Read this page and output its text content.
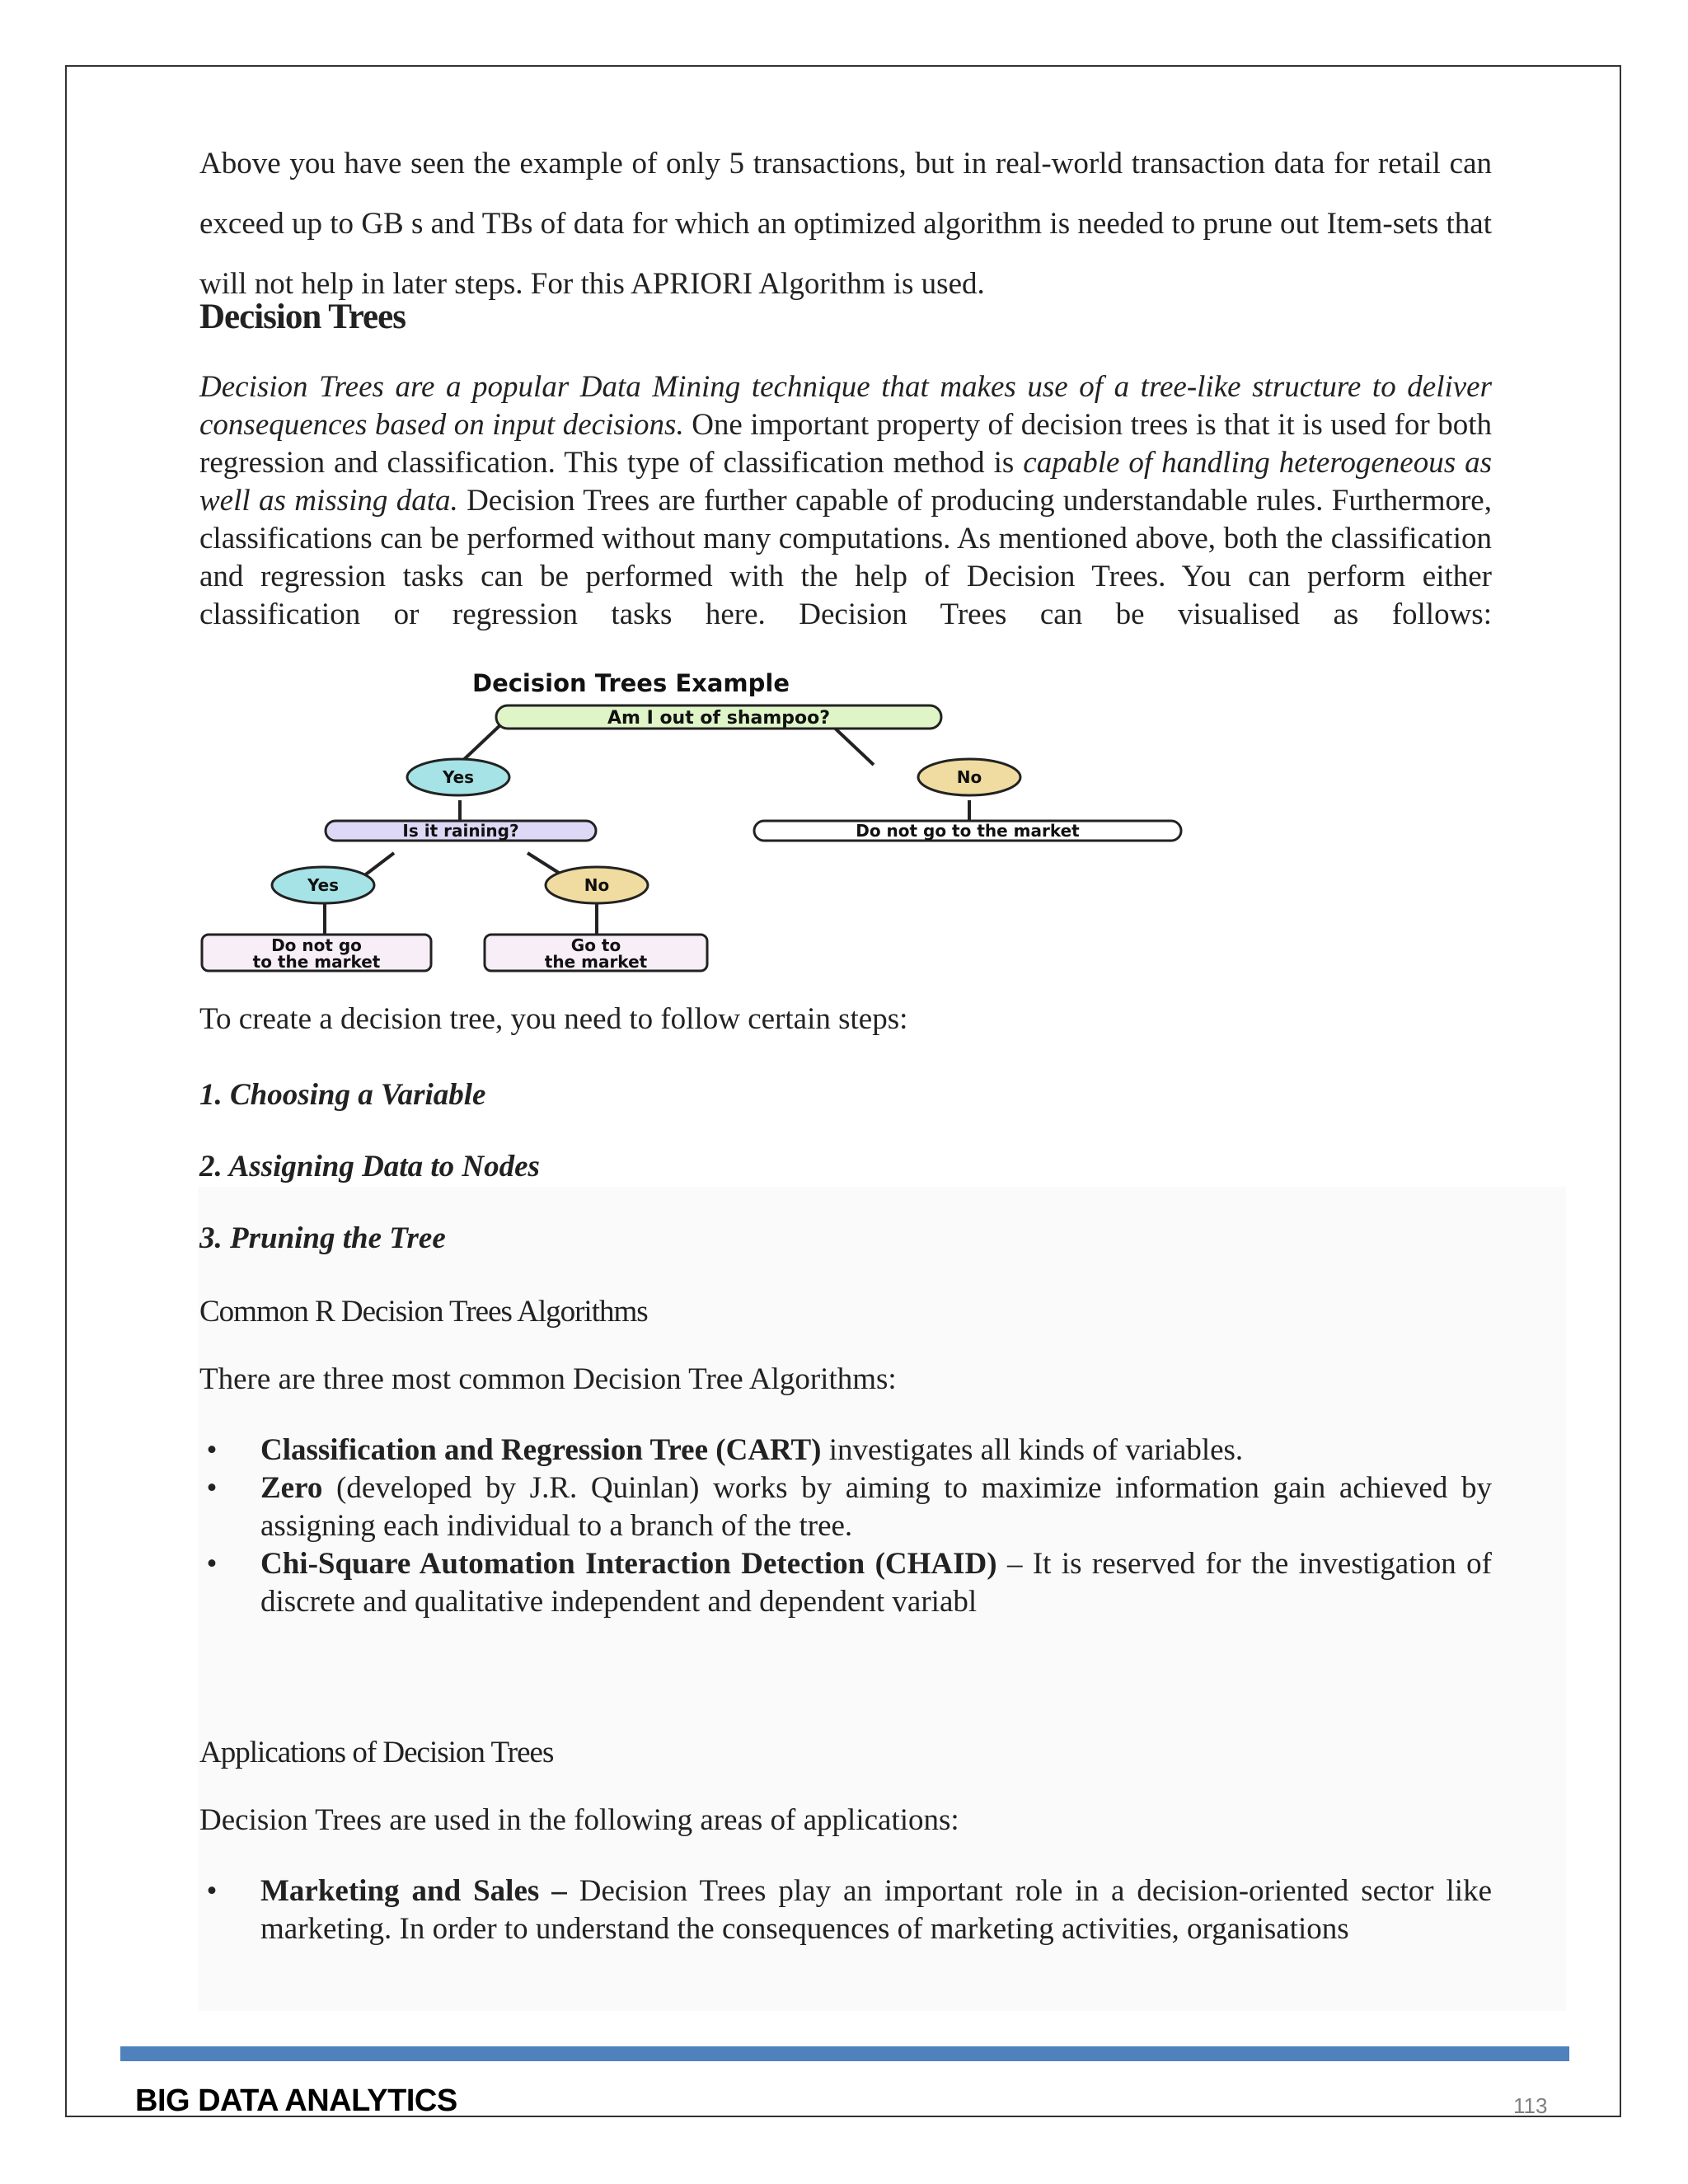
Above you have seen the example of only 5 transactions, but in real-world transaction data for retail can exceed up to GB s and TBs of data for which an optimized algorithm is needed to prune out Item-sets that will not help in later steps. For this APRIORI Algorithm is used.

Decision Trees

Decision Trees are a popular Data Mining technique that makes use of a tree-like structure to deliver consequences based on input decisions. One important property of decision trees is that it is used for both regression and classification. This type of classification method is capable of handling heterogeneous as well as missing data. Decision Trees are further capable of producing understandable rules. Furthermore, classifications can be performed without many computations. As mentioned above, both the classification and regression tasks can be performed with the help of Decision Trees. You can perform either classification or regression tasks here. Decision Trees can be visualised as follows:

Decision Trees Example
Am I out of shampoo?
Yes	No
Is it raining?	Do not go to the market
Yes	No
Do not go
to the market
Go to
the market

To create a decision tree, you need to follow certain steps:

1. Choosing a Variable

2. Assigning Data to Nodes

3. Pruning the Tree

Common R Decision Trees Algorithms

There are three most common Decision Tree Algorithms:

• Classification and Regression Tree (CART) investigates all kinds of variables.
• Zero (developed by J.R. Quinlan) works by aiming to maximize information gain achieved by assigning each individual to a branch of the tree.
• Chi-Square Automation Interaction Detection (CHAID) – It is reserved for the investigation of discrete and qualitative independent and dependent variabl

Applications of Decision Trees

Decision Trees are used in the following areas of applications:

• Marketing and Sales – Decision Trees play an important role in a decision-oriented sector like marketing. In order to understand the consequences of marketing activities, organisations
BIG DATA ANALYTICS	113
